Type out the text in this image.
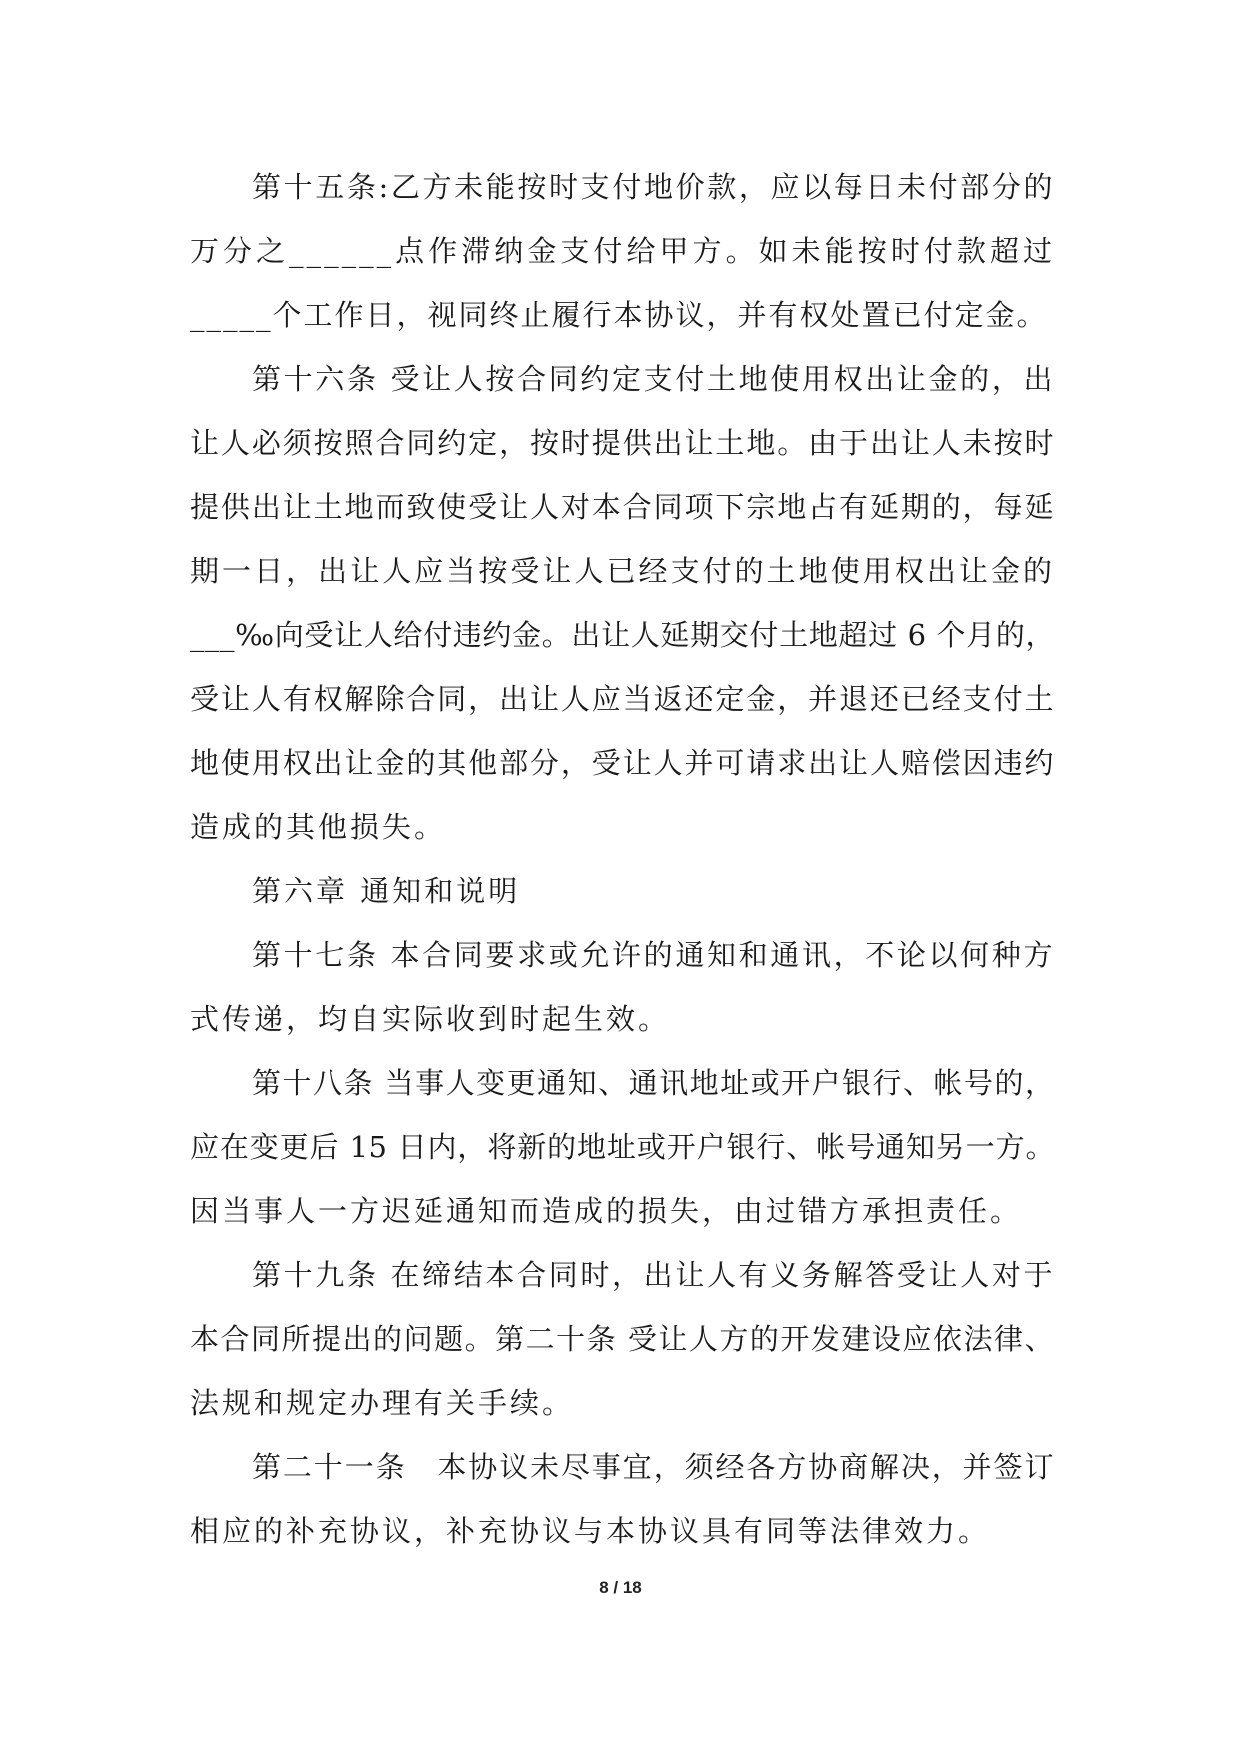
第十五条:乙方未能按时支付地价款，应以每日未付部分的
万分之______点作滞纳金支付给甲方。如未能按时付款超过
_____个工作日，视同终止履行本协议，并有权处置已付定金。
第十六条 受让人按合同约定支付土地使用权出让金的，出
让人必须按照合同约定，按时提供出让土地。由于出让人未按时
提供出让土地而致使受让人对本合同项下宗地占有延期的，每延
期一日，出让人应当按受让人已经支付的土地使用权出让金的
___‰向受让人给付违约金。出让人延期交付土地超过 6 个月的，
受让人有权解除合同，出让人应当返还定金，并退还已经支付土
地使用权出让金的其他部分，受让人并可请求出让人赔偿因违约
造成的其他损失。
第六章 通知和说明
第十七条 本合同要求或允许的通知和通讯，不论以何种方
式传递，均自实际收到时起生效。
第十八条 当事人变更通知、通讯地址或开户银行、帐号的，
应在变更后 15 日内，将新的地址或开户银行、帐号通知另一方。
因当事人一方迟延通知而造成的损失，由过错方承担责任。
第十九条 在缔结本合同时，出让人有义务解答受让人对于
本合同所提出的问题。第二十条 受让人方的开发建设应依法律、
法规和规定办理有关手续。
第二十一条　本协议未尽事宜，须经各方协商解决，并签订
相应的补充协议，补充协议与本协议具有同等法律效力。
8 / 18
